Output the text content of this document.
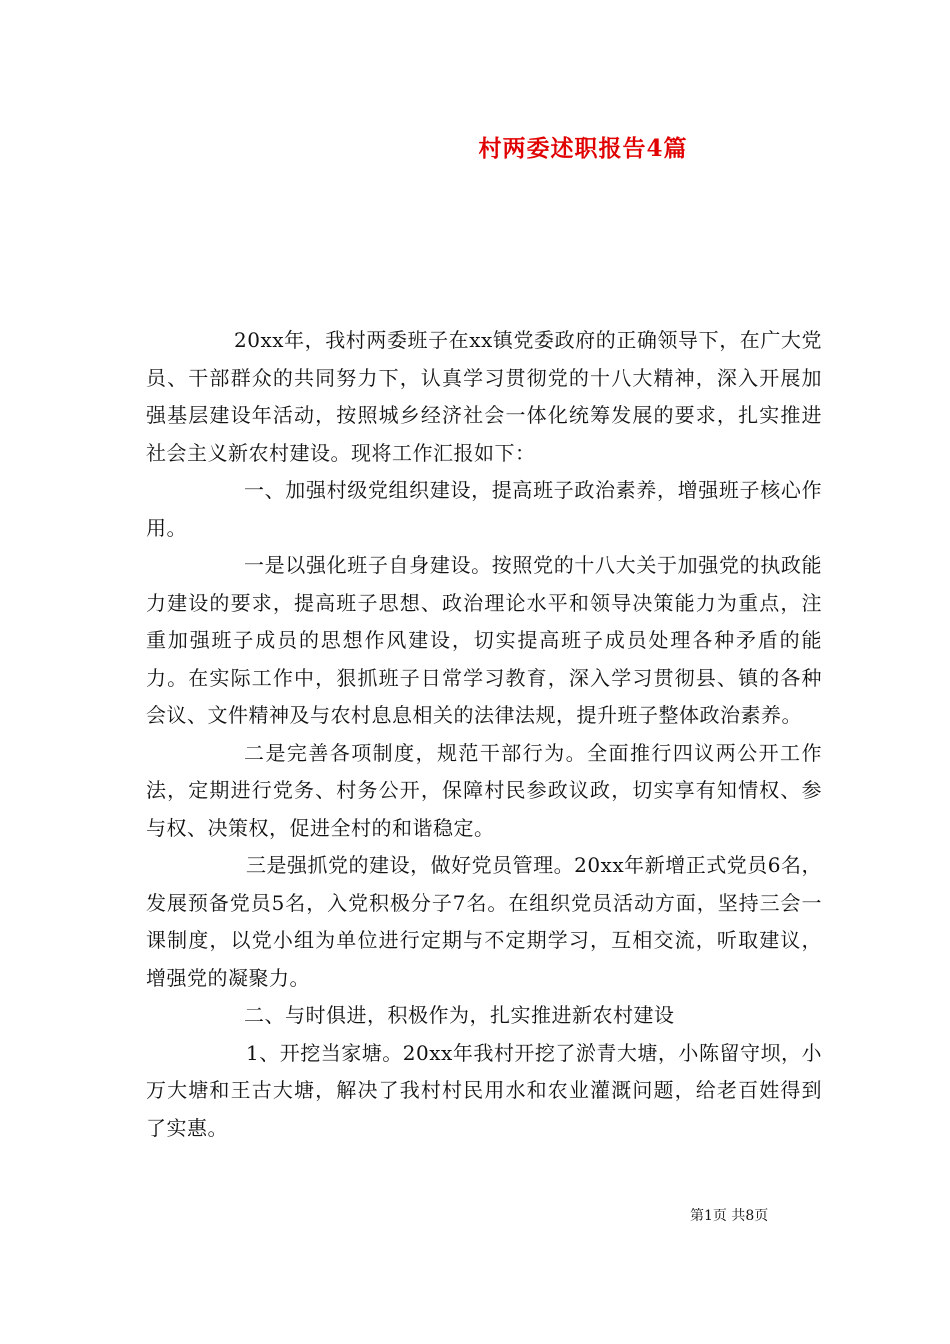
村两委述职报告4篇

20xx年，我村两委班子在xx镇党委政府的正确领导下，在广大党员、干部群众的共同努力下，认真学习贯彻党的十八大精神，深入开展加强基层建设年活动，按照城乡经济社会一体化统筹发展的要求，扎实推进社会主义新农村建设。现将工作汇报如下：

一、加强村级党组织建设，提高班子政治素养，增强班子核心作用。

一是以强化班子自身建设。按照党的十八大关于加强党的执政能力建设的要求，提高班子思想、政治理论水平和领导决策能力为重点，注重加强班子成员的思想作风建设，切实提高班子成员处理各种矛盾的能力。在实际工作中，狠抓班子日常学习教育，深入学习贯彻县、镇的各种会议、文件精神及与农村息息相关的法律法规，提升班子整体政治素养。

二是完善各项制度，规范干部行为。全面推行四议两公开工作法，定期进行党务、村务公开，保障村民参政议政，切实享有知情权、参与权、决策权，促进全村的和谐稳定。

三是强抓党的建设，做好党员管理。20xx年新增正式党员6名，发展预备党员5名，入党积极分子7名。在组织党员活动方面，坚持三会一课制度，以党小组为单位进行定期与不定期学习，互相交流，听取建议，增强党的凝聚力。

二、与时俱进，积极作为，扎实推进新农村建设

1、开挖当家塘。20xx年我村开挖了淤青大塘，小陈留守坝，小万大塘和王古大塘，解决了我村村民用水和农业灌溉问题，给老百姓得到了实惠。

第1页 共8页
